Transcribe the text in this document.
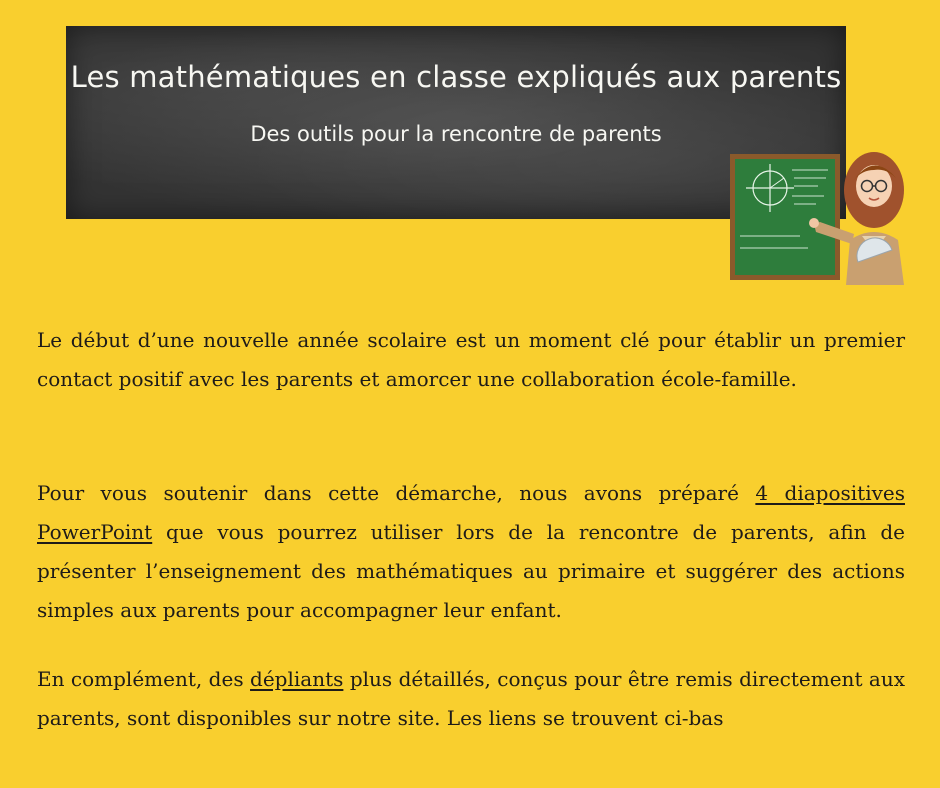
Les mathématiques en classe expliqués aux parents
Des outils pour la rencontre de parents
Le début d’une nouvelle année scolaire est un moment clé pour établir un premier contact positif avec les parents et amorcer une collaboration école-famille.
Pour vous soutenir dans cette démarche, nous avons préparé 4 diapositives PowerPoint que vous pourrez utiliser lors de la rencontre de parents, afin de présenter l’enseignement des mathématiques au primaire et suggérer des actions simples aux parents pour accompagner leur enfant.
En complément, des dépliants plus détaillés, conçus pour être remis directement aux parents, sont disponibles sur notre site. Les liens se trouvent ci-bas
